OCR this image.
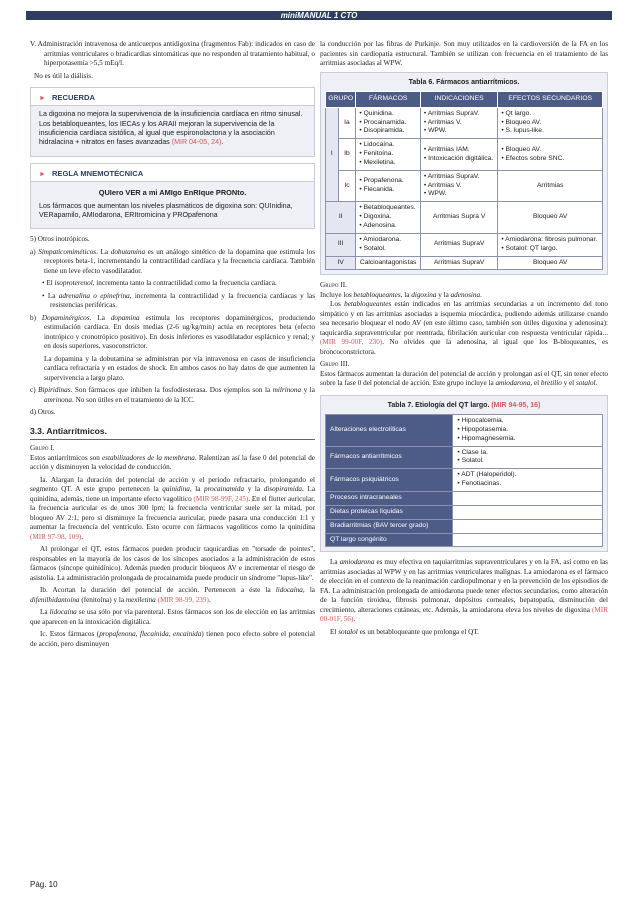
miniMANUAL 1 CTO

V. Administración intravenosa de anticuerpos antidigoxina (fragmentos Fab): indicados en caso de arritmias ventriculares o bradicardias sintomáticas que no responden al tratamiento habitual, o hiperpotasemia >5,5 mEq/l.

No es útil la diálisis.

► RECUERDA

La digoxina no mejora la supervivencia de la insuficiencia cardíaca en ritmo sinusal. Los betabloqueantes, los IECAs y los ARAII mejoran la supervivencia de la insuficiencia cardíaca sistólica, al igual que espironolactona y la asociación hidralacina + nitratos en fases avanzadas (MIR 04-05, 24).

► REGLA MNEMOTÉCNICA
QUIero VER a mi AMIgo EnRIque PRONto.

Los fármacos que aumentan los niveles plasmáticos de digoxina son: QUInidina, VERapamilo, AMIodarona, ERItromicina y PROpafenona

5) Otros inotrópicos.

a) Simpaticomiméticos. La dobutamina es un análogo sintético de la dopamina que estimula los receptores beta-1, incrementando la contractilidad cardíaca y la frecuencia cardíaca. También tiene un leve efecto vasodilatador.

• El isoproterenol, incrementa tanto la contractilidad como la frecuencia cardíaca.

• La adrenalina o epinefrina, incrementa la contractilidad y la frecuencia cardíacas y las resistencias periféricas.

b) Dopaminérgicos. La dopamina estimula los receptores dopaminérgicos, produciendo estimulación cardíaca. En dosis medias (2-6 ug/kg/min) actúa en receptores beta (efecto inotrópico y cronotrópico positivo). En dosis inferiores es vasodilatador esplácnico y renal; y en dosis superiores, vasoconstrictor.

La dopamina y la dobutamina se administran por vía intravenosa en casos de insuficiencia cardíaca refractaria y en estados de shock. En ambos casos no hay datos de que aumenten la supervivencia a largo plazo.

c) Bipiridinas. Son fármacos que inhiben la fosfodiesterasa. Dos ejemplos son la milrinona y la amrinona. No son útiles en el tratamiento de la ICC.

d) Otros.

3.3. Antiarrítmicos.

Grupo I.

Estos antiarrítmicos son estabilizadores de la membrana. Ralentizan así la fase 0 del potencial de acción y disminuyen la velocidad de conducción.

Ia. Alargan la duración del potencial de acción y el período refractario, prolongando el segmento QT. A este grupo pertenecen la quinidina, la procainamida y la disopiramida. La quinidina, además, tiene un importante efecto vagolítico (MIR 98-99F, 245). En el flutter auricular, la frecuencia auricular es de unos 300 lpm; la frecuencia ventricular suele ser la mitad, por bloqueo AV 2:1, pero si disminuye la frecuencia auricular, puede pasara una conducción 1:1 y aumentar la frecuencia del ventrículo. Esto ocurre con fármacos vagolíticos como la quinidina (MIR 97-98, 109).

Al prolongar el QT, estos fármacos pueden producir taquicardias en "torsade de pointes", responsables en la mayoría de los casos de los síncopes asociados a la administración de estos fármacos (síncope quinidínico). Además pueden producir bloqueos AV e incrementar el riesgo de asistolia. La administración prolongada de procainamida puede producir un síndrome "lupus-like".

Ib. Acortan la duración del potencial de acción. Pertenecen a éste la lidocaína, la difenilhidantoína (fenitoína) y la mexiletina (MIR 98-99, 239).

La lidocaína se usa sólo por vía parenteral. Estos fármacos son los de elección en las arritmias que aparecen en la intoxicación digitálica.

Ic. Estos fármacos (propafenona, flecainida, encainida) tienen poco efecto sobre el potencial de acción, pero disminuyen

la conducción por las fibras de Purkinje. Son muy utilizados en la cardioversión de la FA en los pacientes sin cardiopatía estructural. También se utilizan con frecuencia en el tratamiento de las arritmias asociadas al WPW.

Tabla 6. Fármacos antiarrítmicos.
GRUPO		FÁRMACOS	INDICACIONES	EFECTOS SECUNDARIOS
I	Ia	• Quinidina.
• Procainamida.
• Disopiramida.	• Arritmias SupraV.
• Arritmias V.
• WPW.	• Qt largo.
• Bloqueo AV.
• S. lupus-like.
	Ib	• Lidocaína.
• Fenitoína.
• Mexiletina.	• Arritmias IAM.
• Intoxicación digitálica.	• Bloqueo AV.
• Efectos sobre SNC.
	Ic	• Propafenona.
• Flecanida.	• Arritmias SupraV.
• Arritmias V.
• WPW.	Arritmias
II		• Betabloqueantes.
• Digoxina.
• Adenosina.	Arritmias Supra V	Bloqueo AV
III		• Amiodarona.
• Sotalol.	Arritmias SupraV	• Amiodarona: fibrosis pulmonar.
• Sotalol: QT largo.
IV		Calcioantagonistas	Arritmias SupraV	Bloqueo AV

Grupo II.

Incluye los betabloqueantes, la digoxina y la adenosina.

Los betabloqueantes están indicados en las arritmias secundarias a un incremento del tono simpático y en las arritmias asociadas a isquemia miocárdica, pudiendo además utilizarse cuando sea necesario bloquear el nodo AV (en este último caso, también son útiles digoxina y adenosina): taquicardia supraventricular por reentrada, fibrilación auricular con respuesta ventricular rápida... (MIR 99-00F, 230). No olvides que la adenosina, al igual que los B-bloqueantes, es broncoconstrictora.

Grupo III.

Estos fármacos aumentan la duración del potencial de acción y prolongan así el QT, sin tener efecto sobre la fase 0 del potencial de acción. Este grupo incluye la amiodarona, el bretilio y el sotalol.

Tabla 7. Etiología del QT largo. (MIR 94-95, 16)
Alteraciones electrolíticas	• Hipocalcemia.
• Hipopotasemia.
• Hipomagnesemia.
Fármacos antiarrítmicos	• Clase Ia.
• Solatol.
Fármacos psiquiátricos	• ADT (Haloperidol).
• Fenotiacinas.
Procesos intracraneales	
Dietas proteicas líquidas	
Bradiarritmias (BAV tercer grado)	
QT largo congénito	

La amiodarona es muy efectiva en taquiarritmias supraventriculares y en la FA, así como en las arritmias asociadas al WPW y en las arritmias ventriculares malignas. La amiodarona es el fármaco de elección en el contexto de la reanimación cardiopulmonar y en la prevención de los episodios de FA. La administración prolongada de amiodarona puede tener efectos secundarios, como alteración de la función tiroidea, fibrosis pulmonar, depósitos corneales, hepatopatía, disminución del crecimiento, alteraciones cutáneas, etc. Además, la amiodarona eleva los niveles de digoxina (MIR 00-01F, 56).

El sotalol es un betabloqueante que prolonga el QT.

Pág. 10
